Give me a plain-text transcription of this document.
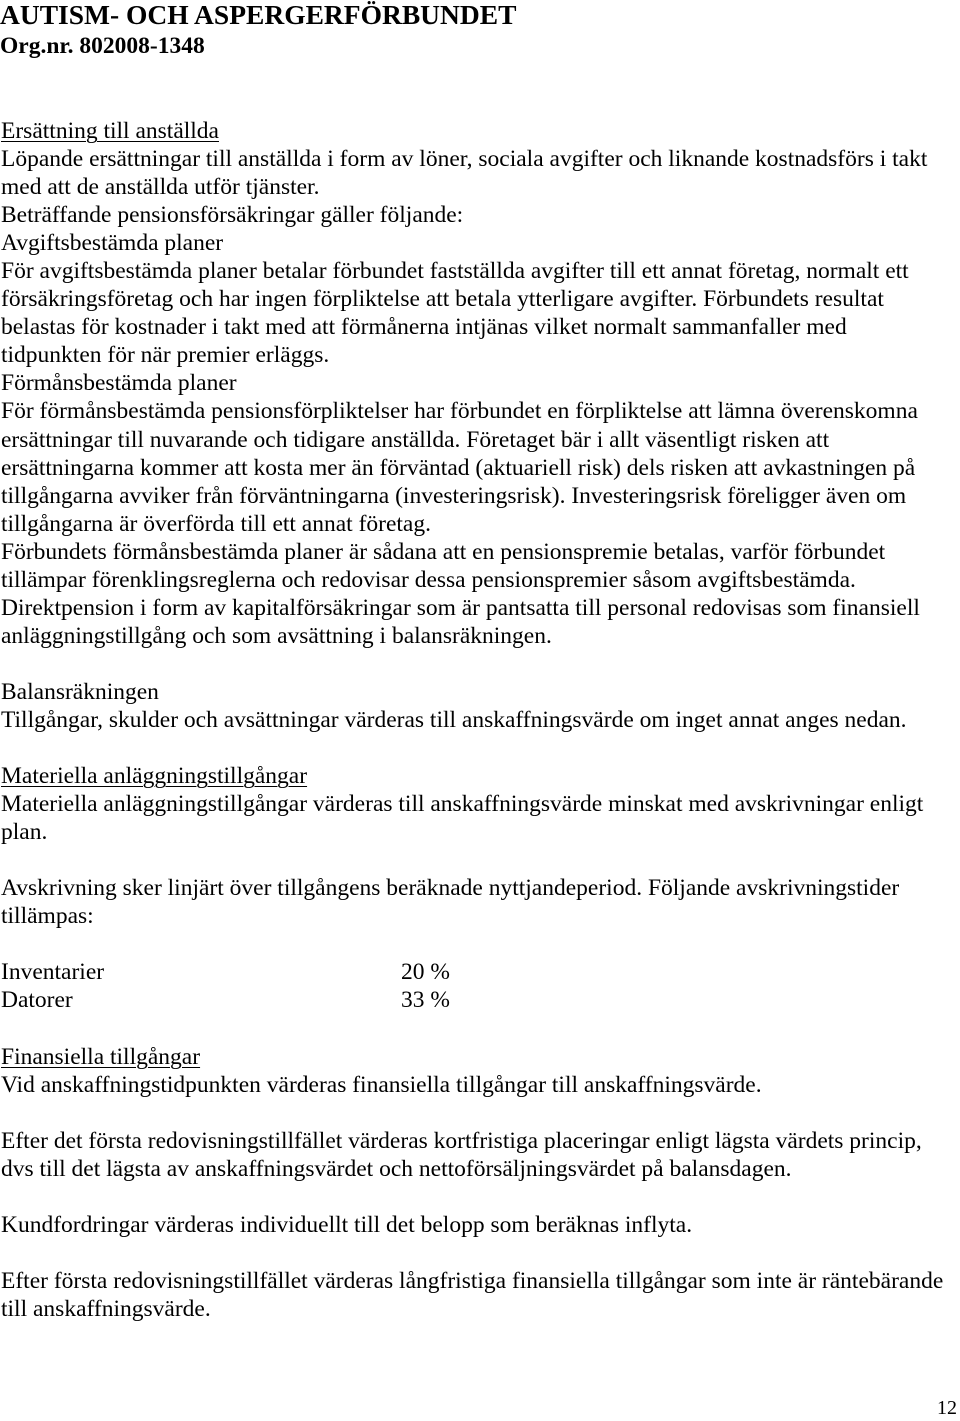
AUTISM- OCH ASPERGERFÖRBUNDET
Org.nr. 802008-1348
Ersättning till anställda
Löpande ersättningar till anställda i form av löner, sociala avgifter och liknande kostnadsförs i takt
med att de anställda utför tjänster.
Beträffande pensionsförsäkringar gäller följande:
Avgiftsbestämda planer
För avgiftsbestämda planer betalar förbundet fastställda avgifter till ett annat företag, normalt ett
försäkringsföretag och har ingen förpliktelse att betala ytterligare avgifter. Förbundets resultat
belastas för kostnader i takt med att förmånerna intjänas vilket normalt sammanfaller med
tidpunkten för när premier erläggs.
Förmånsbestämda planer
För förmånsbestämda pensionsförpliktelser har förbundet en förpliktelse att lämna överenskomna
ersättningar till nuvarande och tidigare anställda. Företaget bär i allt väsentligt risken att
ersättningarna kommer att kosta mer än förväntad (aktuariell risk) dels risken att avkastningen på
tillgångarna avviker från förväntningarna (investeringsrisk). Investeringsrisk föreligger även om
tillgångarna är överförda till ett annat företag.
Förbundets förmånsbestämda planer är sådana att en pensionspremie betalas, varför förbundet
tillämpar förenklingsreglerna och redovisar dessa pensionspremier såsom avgiftsbestämda.
Direktpension i form av kapitalförsäkringar som är pantsatta till personal redovisas som finansiell
anläggningstillgång och som avsättning i balansräkningen.
Balansräkningen
Tillgångar, skulder och avsättningar värderas till anskaffningsvärde om inget annat anges nedan.
Materiella anläggningstillgångar
Materiella anläggningstillgångar värderas till anskaffningsvärde minskat med avskrivningar enligt
plan.
Avskrivning sker linjärt över tillgångens beräknade nyttjandeperiod. Följande avskrivningstider
tillämpas:
Inventarier	20 %
Datorer	33 %
Finansiella tillgångar
Vid anskaffningstidpunkten värderas finansiella tillgångar till anskaffningsvärde.
Efter det första redovisningstillfället värderas kortfristiga placeringar enligt lägsta värdets princip,
dvs till det lägsta av anskaffningsvärdet och nettoförsäljningsvärdet på balansdagen.
Kundfordringar värderas individuellt till det belopp som beräknas inflyta.
Efter första redovisningstillfället värderas långfristiga finansiella tillgångar som inte är räntebärande
till anskaffningsvärde.
12
